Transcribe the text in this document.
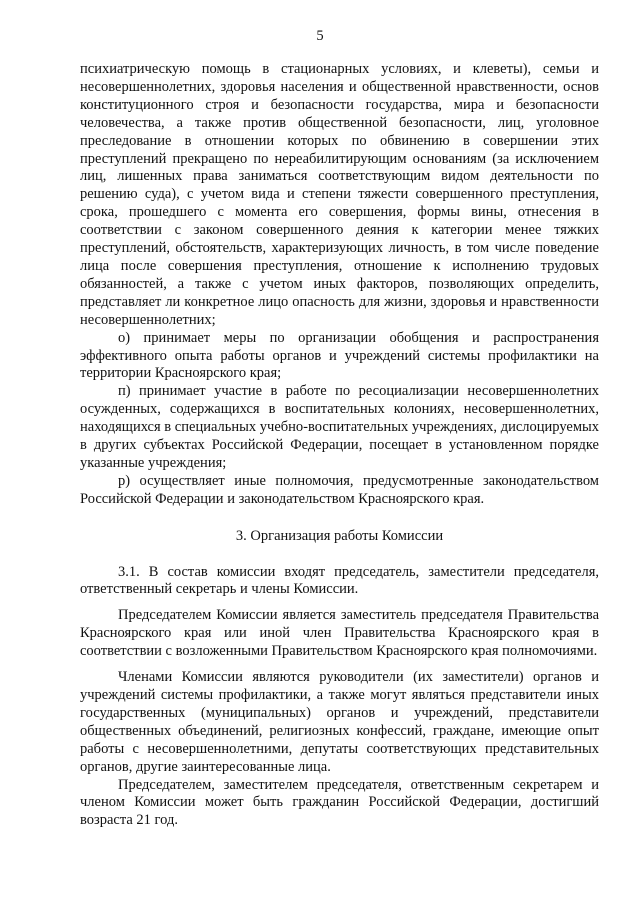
5

психиатрическую помощь в стационарных условиях, и клеветы), семьи и несовершеннолетних, здоровья населения и общественной нравственности, основ конституционного строя и безопасности государства, мира и безопасности человечества, а также против общественной безопасности, лиц, уголовное преследование в отношении которых по обвинению в совершении этих преступлений прекращено по нереабилитирующим основаниям (за исключением лиц, лишенных права заниматься соответствующим видом деятельности по решению суда), с учетом вида и степени тяжести совершенного преступления, срока, прошедшего с момента его совершения, формы вины, отнесения в соответствии с законом совершенного деяния к категории менее тяжких преступлений, обстоятельств, характеризующих личность, в том числе поведение лица после совершения преступления, отношение к исполнению трудовых обязанностей, а также с учетом иных факторов, позволяющих определить, представляет ли конкретное лицо опасность для жизни, здоровья и нравственности несовершеннолетних;

о) принимает меры по организации обобщения и распространения эффективного опыта работы органов и учреждений системы профилактики на территории Красноярского края;

п) принимает участие в работе по ресоциализации несовершеннолетних осужденных, содержащихся в воспитательных колониях, несовершеннолетних, находящихся в специальных учебно-воспитательных учреждениях, дислоцируемых в других субъектах Российской Федерации, посещает в установленном порядке указанные учреждения;

р) осуществляет иные полномочия, предусмотренные законодательством Российской Федерации и законодательством Красноярского края.

3. Организация работы Комиссии

3.1. В состав комиссии входят председатель, заместители председателя, ответственный секретарь и члены Комиссии.

Председателем Комиссии является заместитель председателя Правительства Красноярского края или иной член Правительства Красноярского края в соответствии с возложенными Правительством Красноярского края полномочиями.

Членами Комиссии являются руководители (их заместители) органов и учреждений системы профилактики, а также могут являться представители иных государственных (муниципальных) органов и учреждений, представители общественных объединений, религиозных конфессий, граждане, имеющие опыт работы с несовершеннолетними, депутаты соответствующих представительных органов, другие заинтересованные лица.

Председателем, заместителем председателя, ответственным секретарем и членом Комиссии может быть гражданин Российской Федерации, достигший возраста 21 год.
